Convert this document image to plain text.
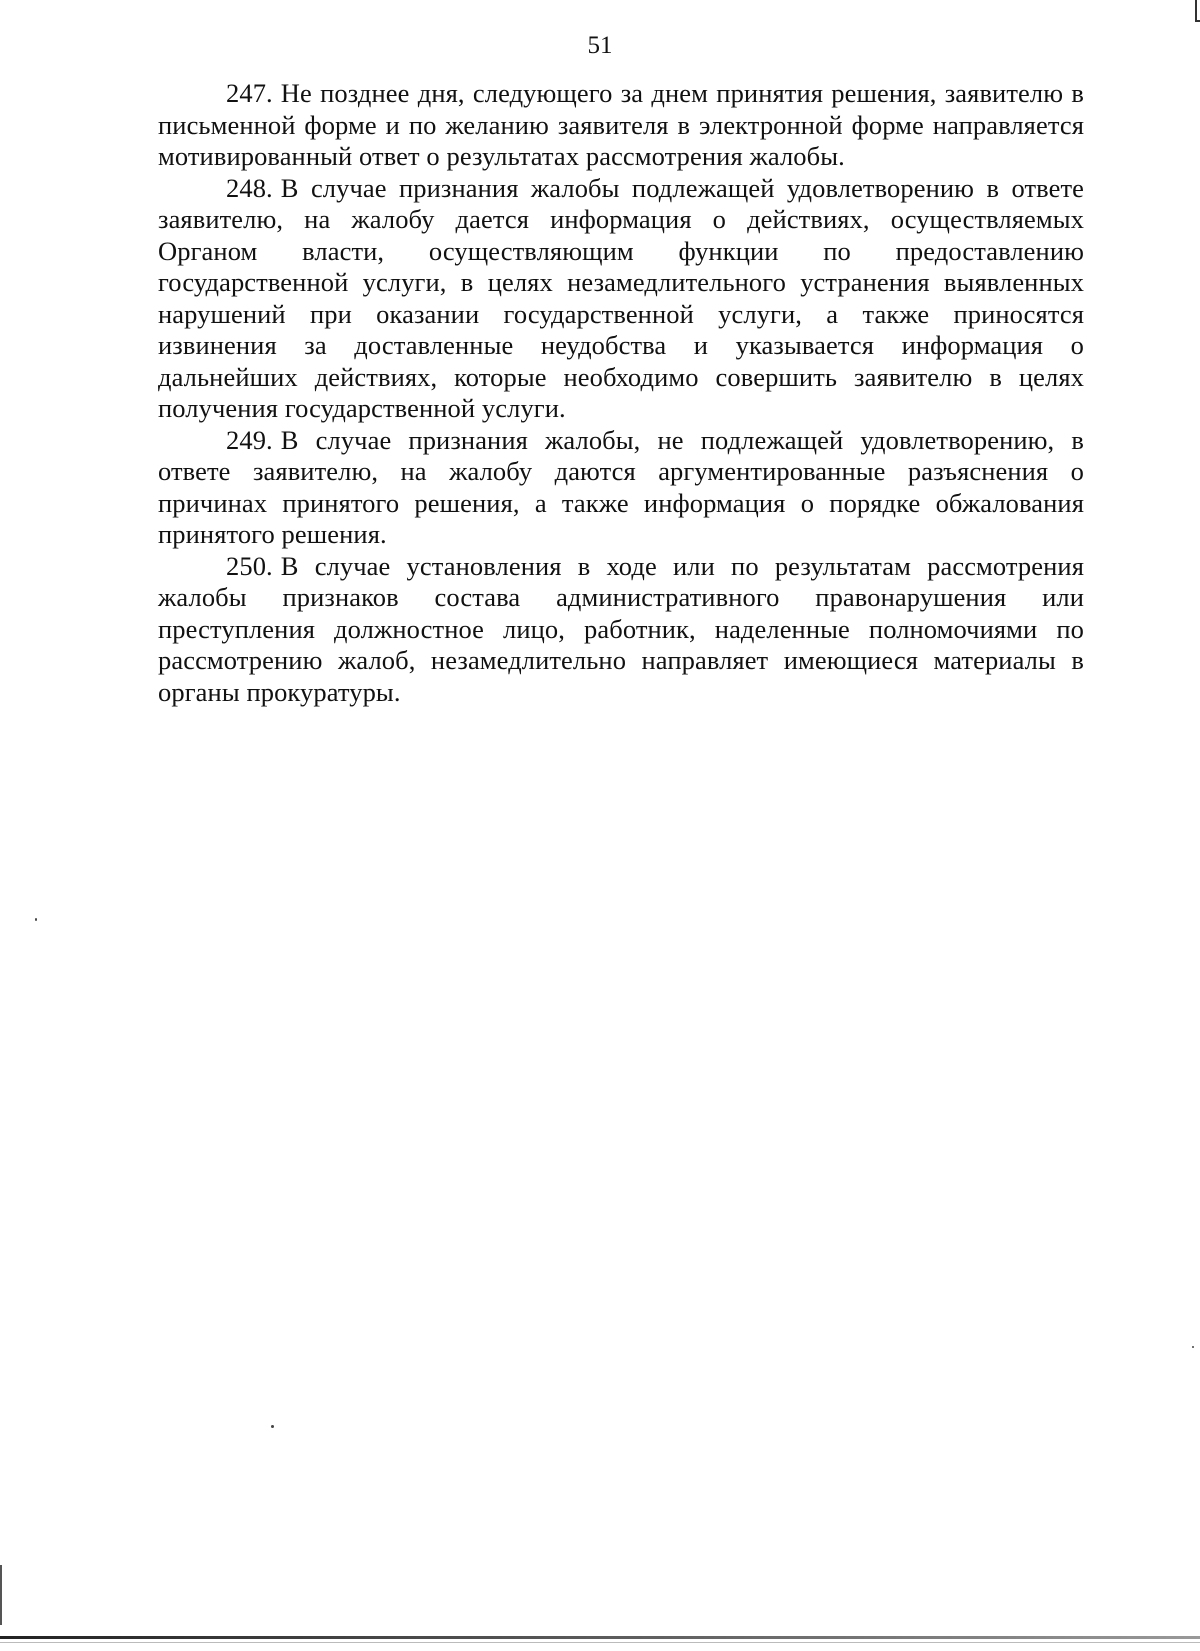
51

247. Не позднее дня, следующего за днем принятия решения, заявителю в письменной форме и по желанию заявителя в электронной форме направляется мотивированный ответ о результатах рассмотрения жалобы.

248. В случае признания жалобы подлежащей удовлетворению в ответе заявителю, на жалобу дается информация о действиях, осуществляемых Органом власти, осуществляющим функции по предоставлению государственной услуги, в целях незамедлительного устранения выявленных нарушений при оказании государственной услуги, а также приносятся извинения за доставленные неудобства и указывается информация о дальнейших действиях, которые необходимо совершить заявителю в целях получения государственной услуги.

249. В случае признания жалобы, не подлежащей удовлетворению, в ответе заявителю, на жалобу даются аргументированные разъяснения о причинах принятого решения, а также информация о порядке обжалования принятого решения.

250. В случае установления в ходе или по результатам рассмотрения жалобы признаков состава административного правонарушения или преступления должностное лицо, работник, наделенные полномочиями по рассмотрению жалоб, незамедлительно направляет имеющиеся материалы в органы прокуратуры.
